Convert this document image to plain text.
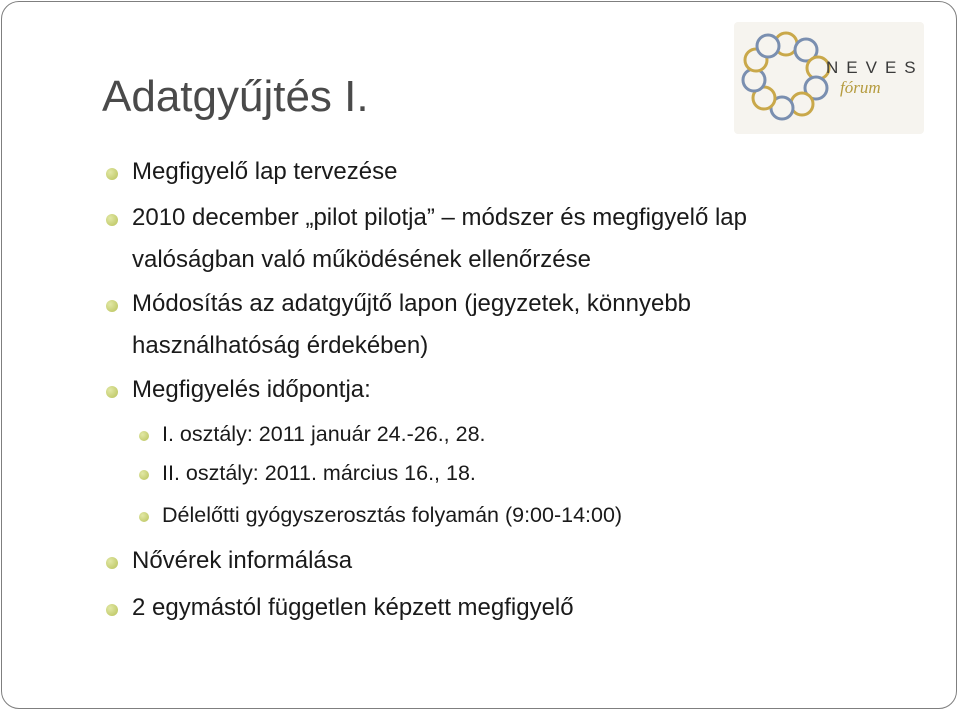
Adatgyűjtés I.
NEVES
fórum
Megfigyelő lap tervezése
2010 december „pilot pilotja” – módszer és megfigyelő lap
valóságban való működésének ellenőrzése
Módosítás az adatgyűjtő lapon (jegyzetek, könnyebb
használhatóság érdekében)
Megfigyelés időpontja:
I. osztály: 2011 január 24.-26., 28.
II. osztály: 2011. március 16., 18.
Délelőtti gyógyszerosztás folyamán (9:00-14:00)
Nővérek informálása
2 egymástól független képzett megfigyelő
